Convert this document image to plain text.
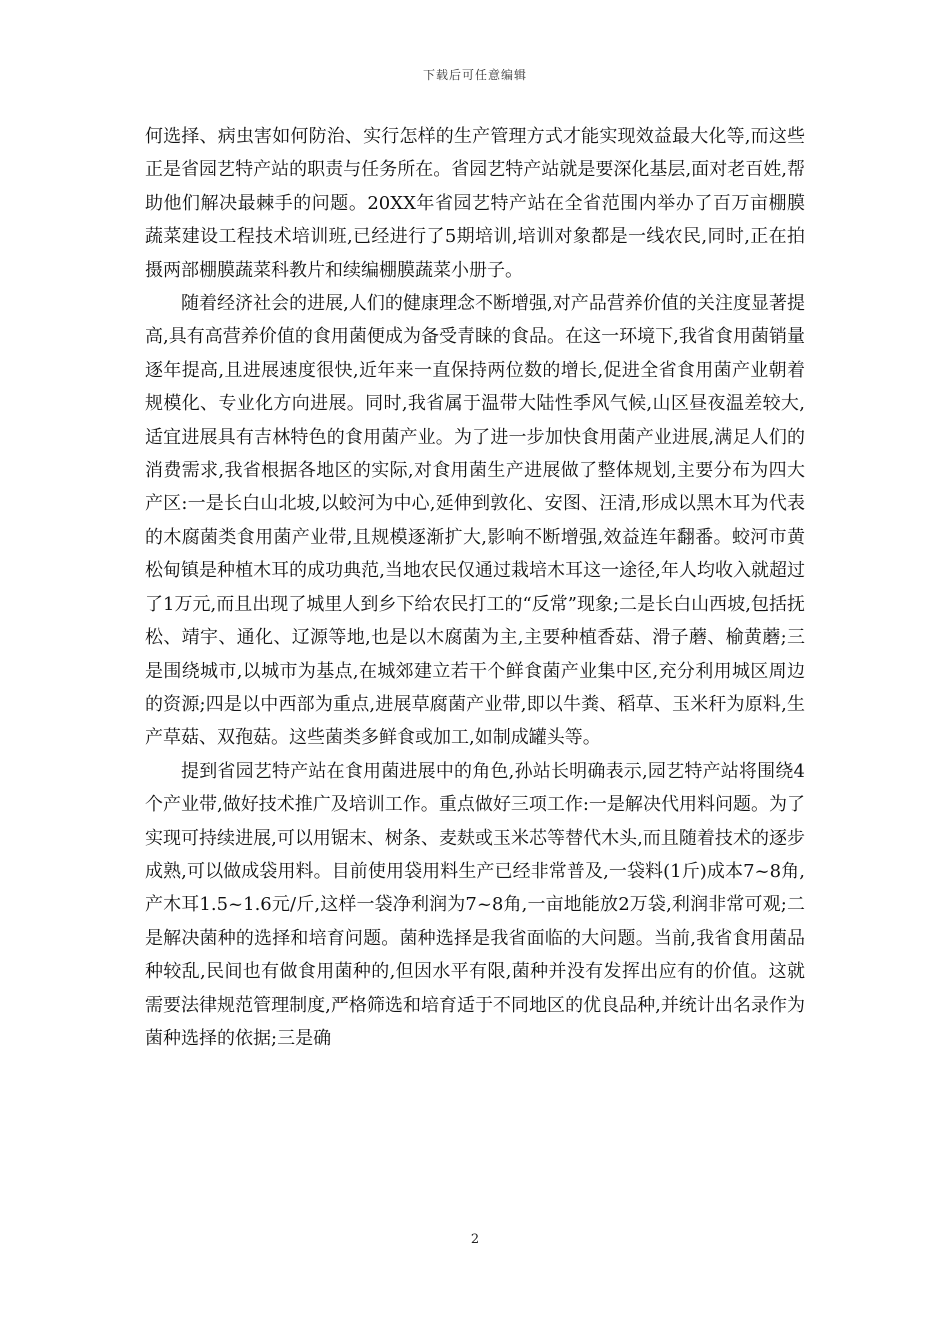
下载后可任意编辑

何选择、病虫害如何防治、实行怎样的生产管理方式才能实现效益最大化等,而这些正是省园艺特产站的职责与任务所在。省园艺特产站就是要深化基层,面对老百姓,帮助他们解决最棘手的问题。20XX年省园艺特产站在全省范围内举办了百万亩棚膜蔬菜建设工程技术培训班,已经进行了5期培训,培训对象都是一线农民,同时,正在拍摄两部棚膜蔬菜科教片和续编棚膜蔬菜小册子。

随着经济社会的进展,人们的健康理念不断增强,对产品营养价值的关注度显著提高,具有高营养价值的食用菌便成为备受青睐的食品。在这一环境下,我省食用菌销量逐年提高,且进展速度很快,近年来一直保持两位数的增长,促进全省食用菌产业朝着规模化、专业化方向进展。同时,我省属于温带大陆性季风气候,山区昼夜温差较大,适宜进展具有吉林特色的食用菌产业。为了进一步加快食用菌产业进展,满足人们的消费需求,我省根据各地区的实际,对食用菌生产进展做了整体规划,主要分布为四大产区:一是长白山北坡,以蛟河为中心,延伸到敦化、安图、汪清,形成以黑木耳为代表的木腐菌类食用菌产业带,且规模逐渐扩大,影响不断增强,效益连年翻番。蛟河市黄松甸镇是种植木耳的成功典范,当地农民仅通过栽培木耳这一途径,年人均收入就超过了1万元,而且出现了城里人到乡下给农民打工的“反常”现象;二是长白山西坡,包括抚松、靖宇、通化、辽源等地,也是以木腐菌为主,主要种植香菇、滑子蘑、榆黄蘑;三是围绕城市,以城市为基点,在城郊建立若干个鲜食菌产业集中区,充分利用城区周边的资源;四是以中西部为重点,进展草腐菌产业带,即以牛粪、稻草、玉米秆为原料,生产草菇、双孢菇。这些菌类多鲜食或加工,如制成罐头等。

提到省园艺特产站在食用菌进展中的角色,孙站长明确表示,园艺特产站将围绕4个产业带,做好技术推广及培训工作。重点做好三项工作:一是解决代用料问题。为了实现可持续进展,可以用锯末、树条、麦麸或玉米芯等替代木头,而且随着技术的逐步成熟,可以做成袋用料。目前使用袋用料生产已经非常普及,一袋料(1斤)成本7~8角,产木耳1.5~1.6元/斤,这样一袋净利润为7~8角,一亩地能放2万袋,利润非常可观;二是解决菌种的选择和培育问题。菌种选择是我省面临的大问题。当前,我省食用菌品种较乱,民间也有做食用菌种的,但因水平有限,菌种并没有发挥出应有的价值。这就需要法律规范管理制度,严格筛选和培育适于不同地区的优良品种,并统计出名录作为菌种选择的依据;三是确

2
